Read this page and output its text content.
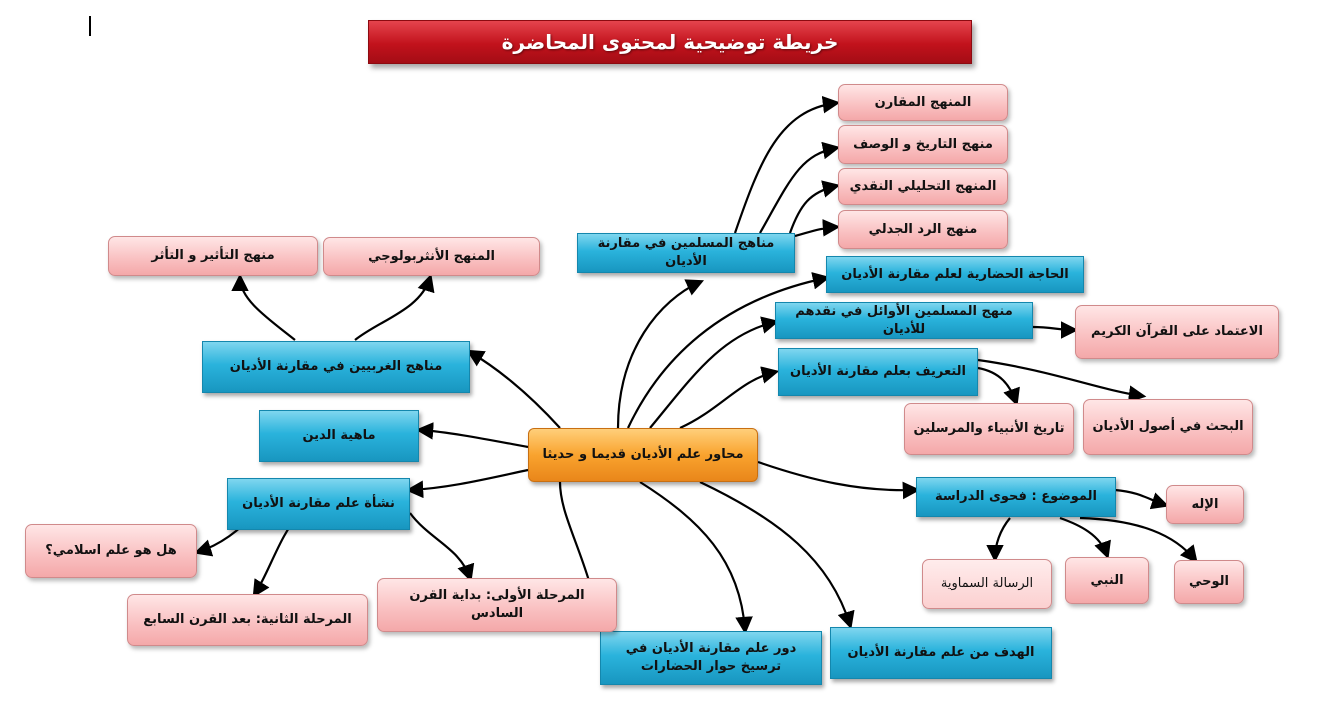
خريطة توضيحية لمحتوى المحاضرة
مناهج المسلمين في مقارنة الأديان
الحاجة الحضارية لعلم مقارنة الأديان
منهج المسلمين الأوائل في نقدهم للأديان
التعريف بعلم مقارنة الأديان
الموضوع : فحوى الدراسة
الهدف من علم مقارنة الأديان
دور علم مقارنة الأديان في ترسيخ حوار الحضارات
مناهج الغربيين في مقارنة الأديان
ماهية الدين
نشأة علم مقارنة الأديان
محاور علم الأديان قديما و حديثا
المنهج المقارن
منهج التاريخ و الوصف
المنهج التحليلي النقدي
منهج الرد الجدلي
الاعتماد على القرآن الكريم
تاريخ الأنبياء والمرسلين	البحث في أصول الأديان
الإله
الرسالة السماوية	النبي	الوحي
منهج التأثير و التأثر	المنهج الأنثربولوجي
هل هو علم اسلامي؟
المرحلة الثانية: بعد القرن السابع
المرحلة الأولى: بداية القرن السادس
